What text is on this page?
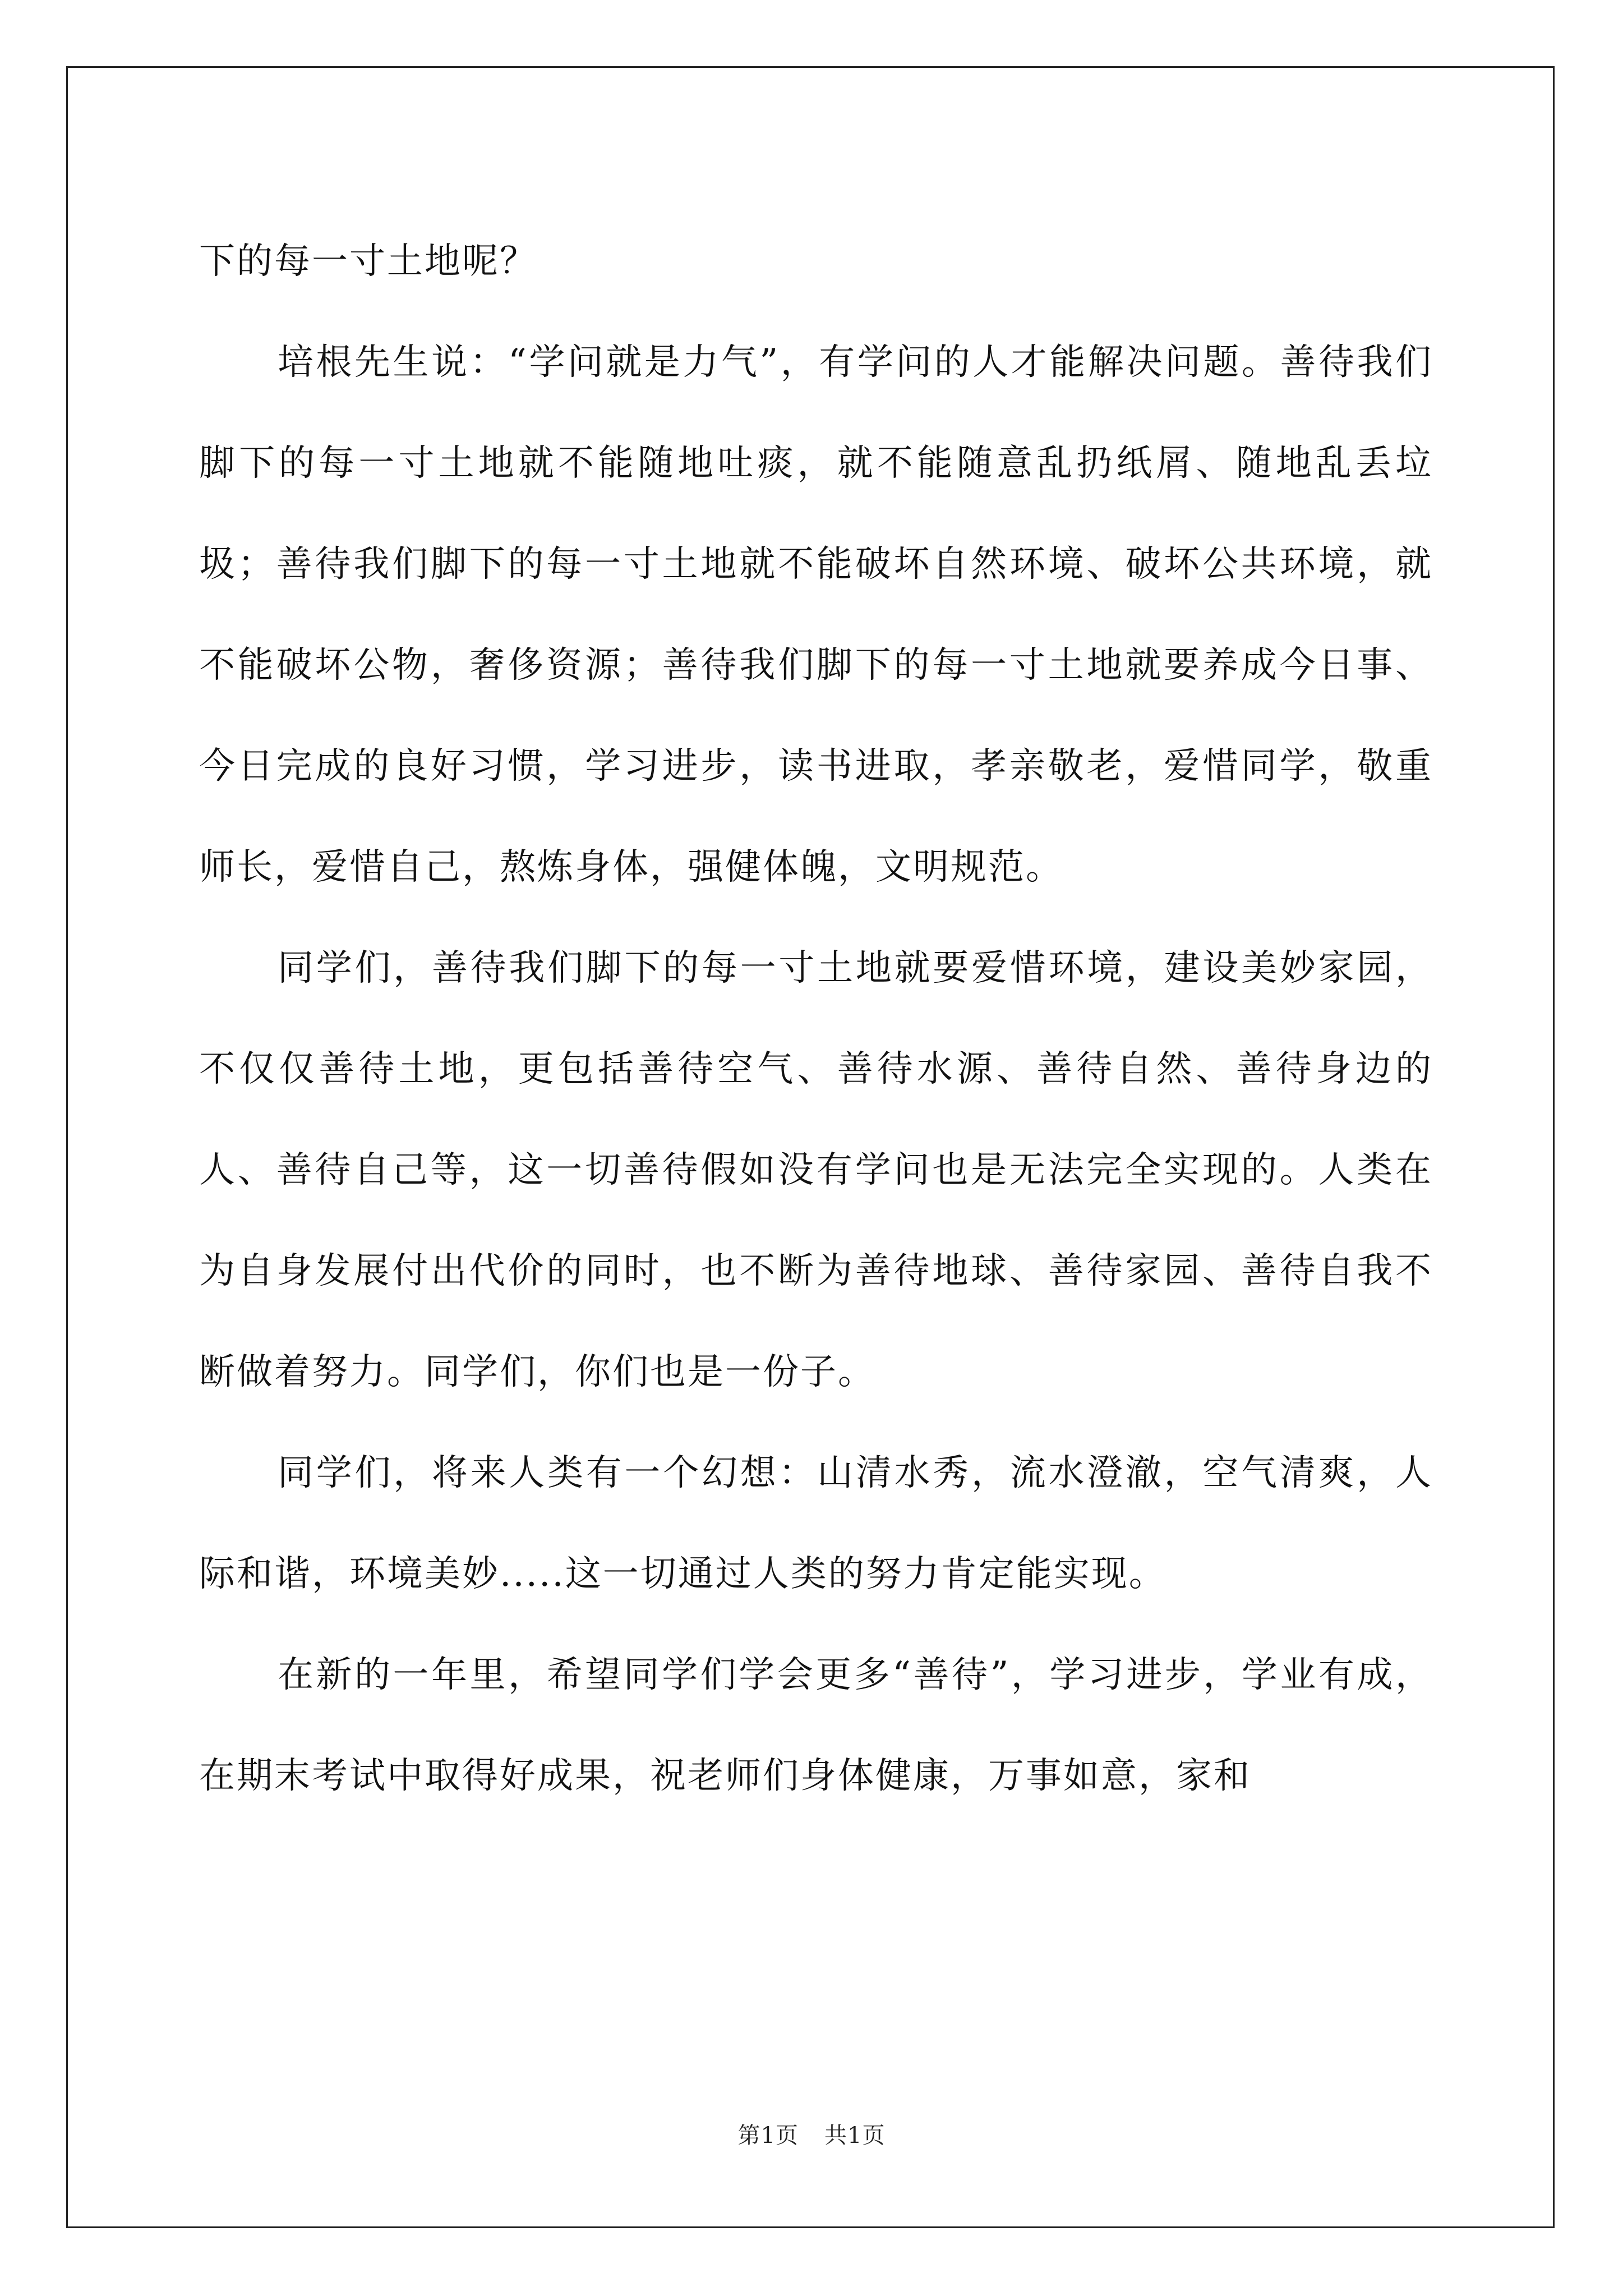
下的每一寸土地呢？

培根先生说：“学问就是力气”，有学问的人才能解决问题。善待我们脚下的每一寸土地就不能随地吐痰，就不能随意乱扔纸屑、随地乱丢垃圾；善待我们脚下的每一寸土地就不能破坏自然环境、破坏公共环境，就不能破坏公物，奢侈资源；善待我们脚下的每一寸土地就要养成今日事、今日完成的良好习惯，学习进步，读书进取，孝亲敬老，爱惜同学，敬重师长，爱惜自己，熬炼身体，强健体魄，文明规范。

同学们，善待我们脚下的每一寸土地就要爱惜环境，建设美妙家园，不仅仅善待土地，更包括善待空气、善待水源、善待自然、善待身边的人、善待自己等，这一切善待假如没有学问也是无法完全实现的。人类在为自身发展付出代价的同时，也不断为善待地球、善待家园、善待自我不断做着努力。同学们，你们也是一份子。

同学们，将来人类有一个幻想：山清水秀，流水澄澈，空气清爽，人际和谐，环境美妙.....这一切通过人类的努力肯定能实现。

在新的一年里，希望同学们学会更多“善待”，学习进步，学业有成，在期末考试中取得好成果，祝老师们身体健康，万事如意，家和

第1页 共1页
